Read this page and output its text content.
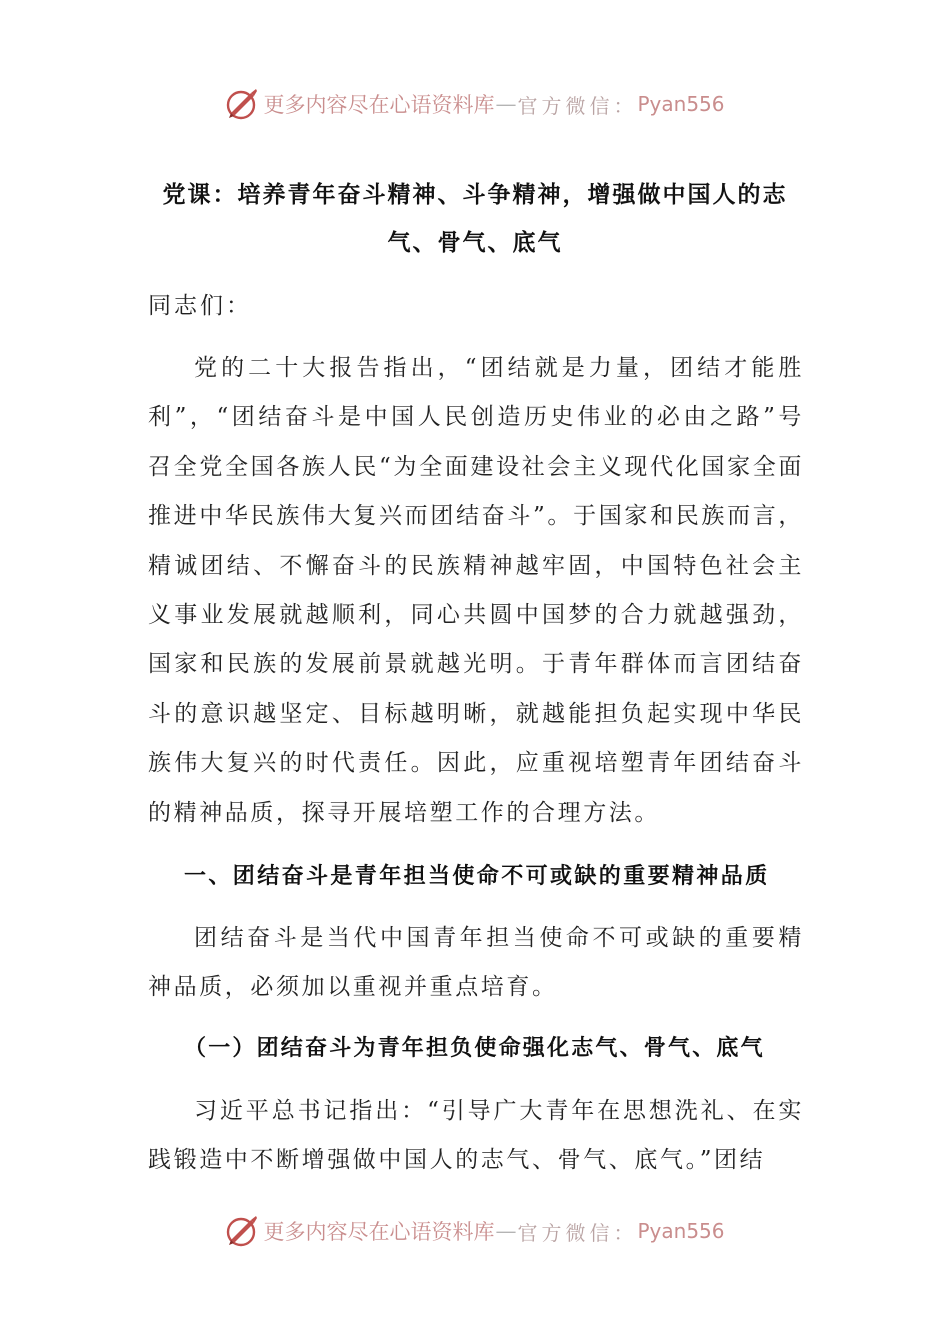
更多内容尽在心语资料库 — 官方微信： Pyan556
党课：培养青年奋斗精神、斗争精神，增强做中国人的志
气、骨气、底气
同志们：
党的二十大报告指出，“团结就是力量，团结才能胜利”，“团结奋斗是中国人民创造历史伟业的必由之路”号召全党全国各族人民“为全面建设社会主义现代化国家全面推进中华民族伟大复兴而团结奋斗”。于国家和民族而言，精诚团结、不懈奋斗的民族精神越牢固，中国特色社会主义事业发展就越顺利，同心共圆中国梦的合力就越强劲，国家和民族的发展前景就越光明。于青年群体而言团结奋斗的意识越坚定、目标越明晰，就越能担负起实现中华民族伟大复兴的时代责任。因此，应重视培塑青年团结奋斗的精神品质，探寻开展培塑工作的合理方法。
一、团结奋斗是青年担当使命不可或缺的重要精神品质
团结奋斗是当代中国青年担当使命不可或缺的重要精神品质，必须加以重视并重点培育。
（一）团结奋斗为青年担负使命强化志气、骨气、底气
习近平总书记指出：“引导广大青年在思想洗礼、在实践锻造中不断增强做中国人的志气、骨气、底气。”团结
更多内容尽在心语资料库 — 官方微信： Pyan556
